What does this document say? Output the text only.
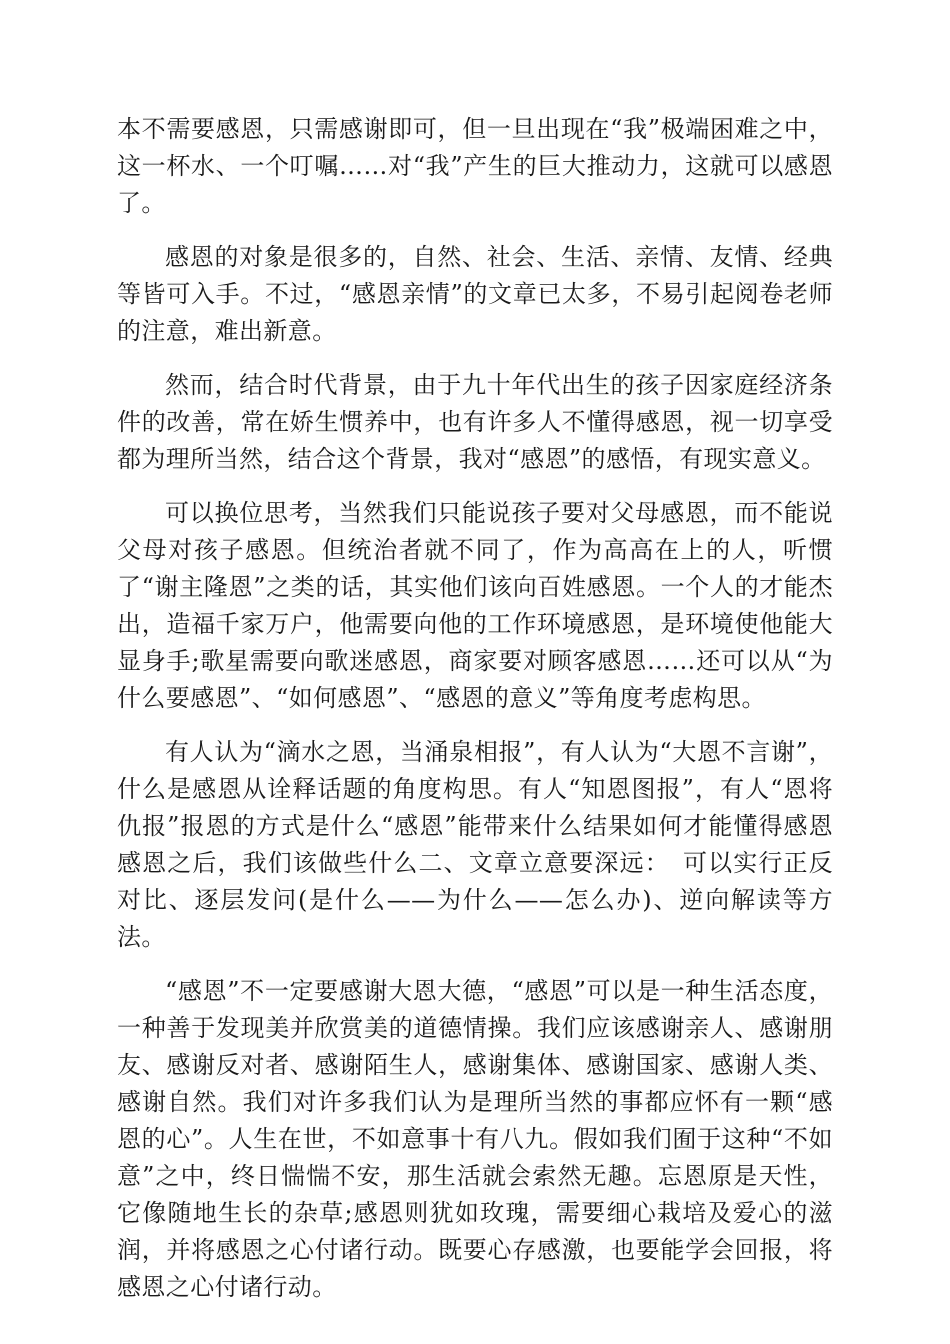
本不需要感恩，只需感谢即可，但一旦出现在“我”极端困难之中，这一杯水、一个叮嘱……对“我”产生的巨大推动力，这就可以感恩了。

感恩的对象是很多的，自然、社会、生活、亲情、友情、经典等皆可入手。不过，“感恩亲情”的文章已太多，不易引起阅卷老师的注意，难出新意。

然而，结合时代背景，由于九十年代出生的孩子因家庭经济条件的改善，常在娇生惯养中，也有许多人不懂得感恩，视一切享受都为理所当然，结合这个背景，我对“感恩”的感悟，有现实意义。

可以换位思考，当然我们只能说孩子要对父母感恩，而不能说父母对孩子感恩。但统治者就不同了，作为高高在上的人，听惯了“谢主隆恩”之类的话，其实他们该向百姓感恩。一个人的才能杰出，造福千家万户，他需要向他的工作环境感恩，是环境使他能大显身手;歌星需要向歌迷感恩，商家要对顾客感恩……还可以从“为什么要感恩”、“如何感恩”、“感恩的意义”等角度考虑构思。

有人认为“滴水之恩，当涌泉相报”，有人认为“大恩不言谢”，什么是感恩从诠释话题的角度构思。有人“知恩图报”，有人“恩将仇报”报恩的方式是什么“感恩”能带来什么结果如何才能懂得感恩感恩之后，我们该做些什么二、文章立意要深远：　可以实行正反对比、逐层发问(是什么——为什么——怎么办)、逆向解读等方法。

“感恩”不一定要感谢大恩大德，“感恩”可以是一种生活态度，一种善于发现美并欣赏美的道德情操。我们应该感谢亲人、感谢朋友、感谢反对者、感谢陌生人，感谢集体、感谢国家、感谢人类、感谢自然。我们对许多我们认为是理所当然的事都应怀有一颗“感恩的心”。人生在世，不如意事十有八九。假如我们囿于这种“不如意”之中，终日惴惴不安，那生活就会索然无趣。忘恩原是天性，它像随地生长的杂草;感恩则犹如玫瑰，需要细心栽培及爱心的滋润，并将感恩之心付诸行动。既要心存感激，也要能学会回报，将感恩之心付诸行动。
